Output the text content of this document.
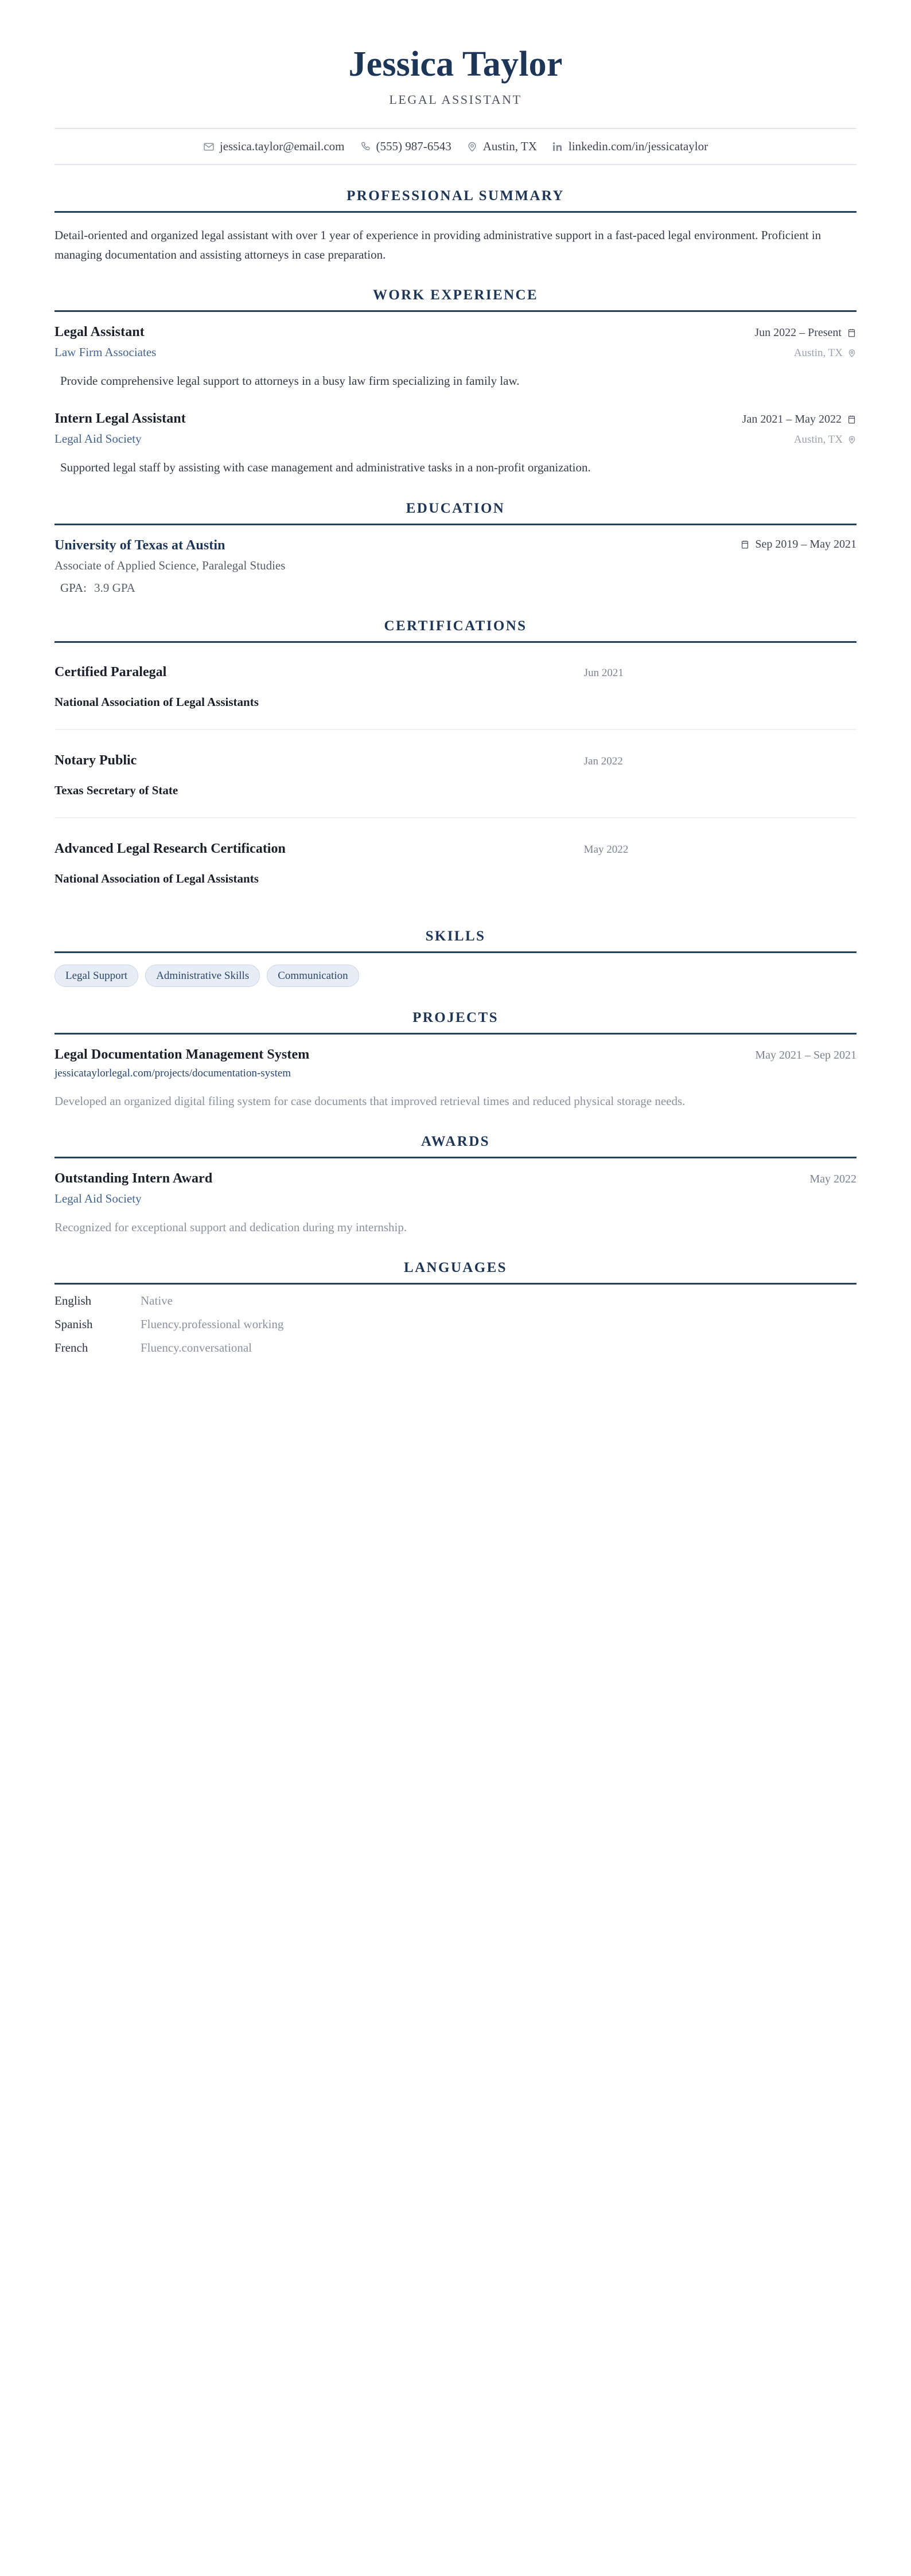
Jessica Taylor
LEGAL ASSISTANT
jessica.taylor@email.com	(555) 987-6543	Austin, TX	linkedin.com/in/jessicataylor
PROFESSIONAL SUMMARY
Detail-oriented and organized legal assistant with over 1 year of experience in providing administrative support in a fast-paced legal environment. Proficient in managing documentation and assisting attorneys in case preparation.
WORK EXPERIENCE
Legal Assistant	Jun 2022 – Present
Law Firm Associates	Austin, TX
Provide comprehensive legal support to attorneys in a busy law firm specializing in family law.
Intern Legal Assistant	Jan 2021 – May 2022
Legal Aid Society	Austin, TX
Supported legal staff by assisting with case management and administrative tasks in a non-profit organization.
EDUCATION
University of Texas at Austin	Sep 2019 – May 2021
Associate of Applied Science, Paralegal Studies
GPA: 3.9 GPA
CERTIFICATIONS
Certified Paralegal	Jun 2021
National Association of Legal Assistants
Notary Public	Jan 2022
Texas Secretary of State
Advanced Legal Research Certification	May 2022
National Association of Legal Assistants
SKILLS
Legal Support	Administrative Skills	Communication
PROJECTS
Legal Documentation Management System	May 2021 – Sep 2021
jessicataylorlegal.com/projects/documentation-system
Developed an organized digital filing system for case documents that improved retrieval times and reduced physical storage needs.
AWARDS
Outstanding Intern Award	May 2022
Legal Aid Society
Recognized for exceptional support and dedication during my internship.
LANGUAGES
English	Native
Spanish	Fluency.professional working
French	Fluency.conversational
